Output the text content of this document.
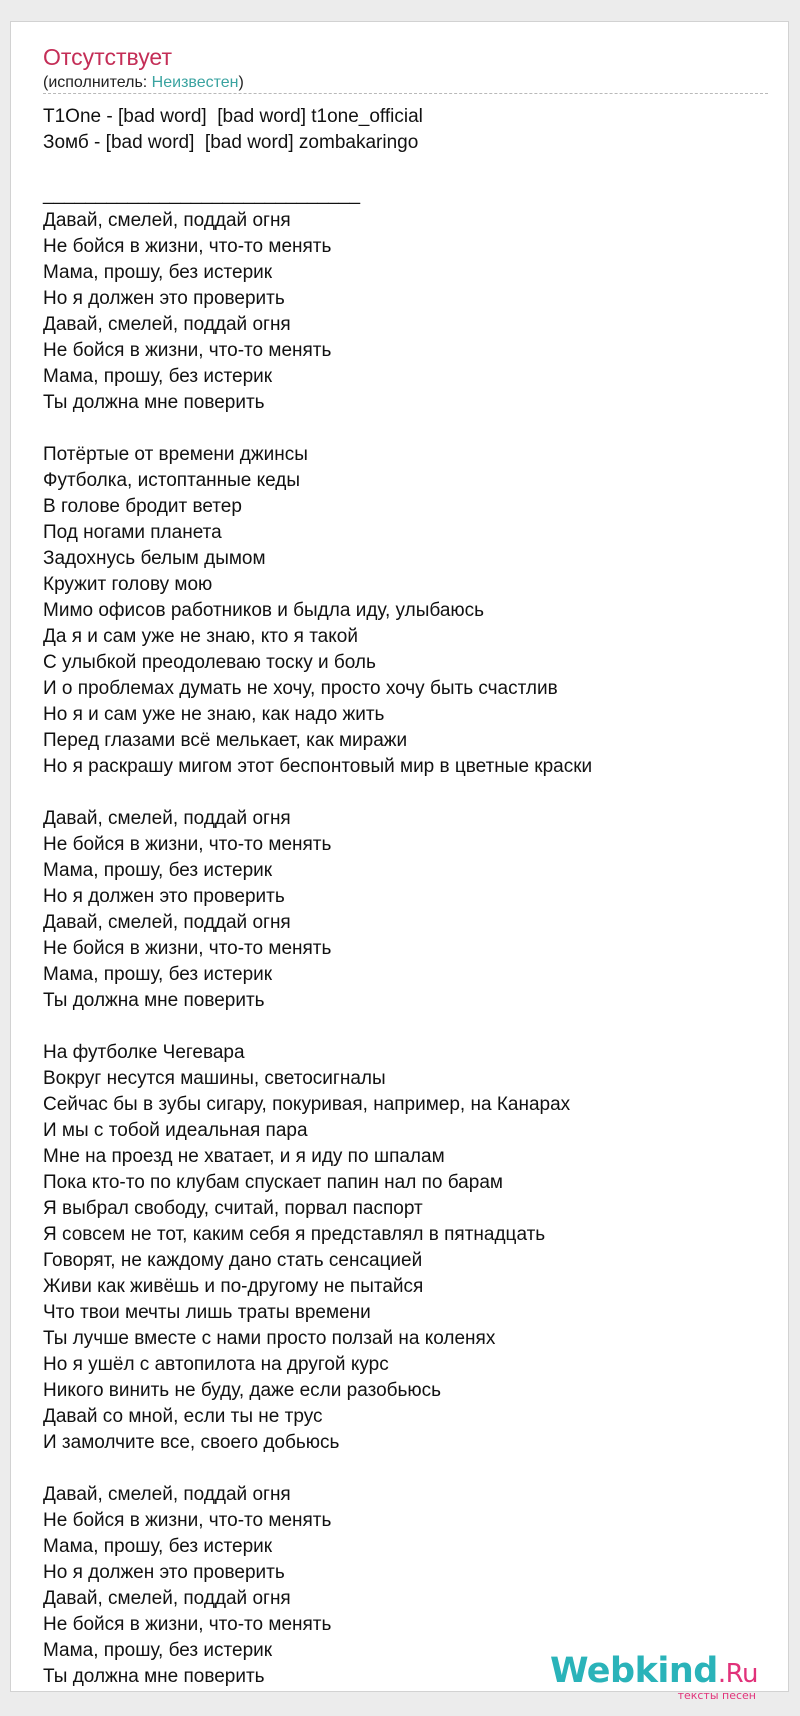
Отсутствует
(исполнитель: Неизвестен)
T1One - [bad word]  [bad word] t1one_official
Зомб - [bad word]  [bad word] zombakaringo
______________________________
Давай, смелей, поддай огня
Не бойся в жизни, что-то менять
Мама, прошу, без истерик
Но я должен это проверить
Давай, смелей, поддай огня
Не бойся в жизни, что-то менять
Мама, прошу, без истерик
Ты должна мне поверить
Потёртые от времени джинсы
Футболка, истоптанные кеды
В голове бродит ветер
Под ногами планета
Задохнусь белым дымом
Кружит голову мою
Мимо офисов работников и быдла иду, улыбаюсь
Да я и сам уже не знаю, кто я такой
С улыбкой преодолеваю тоску и боль
И о проблемах думать не хочу, просто хочу быть счастлив
Но я и сам уже не знаю, как надо жить
Перед глазами всё мелькает, как миражи
Но я раскрашу мигом этот беспонтовый мир в цветные краски
Давай, смелей, поддай огня
Не бойся в жизни, что-то менять
Мама, прошу, без истерик
Но я должен это проверить
Давай, смелей, поддай огня
Не бойся в жизни, что-то менять
Мама, прошу, без истерик
Ты должна мне поверить
На футболке Чегевара
Вокруг несутся машины, светосигналы
Сейчас бы в зубы сигару, покуривая, например, на Канарах
И мы с тобой идеальная пара
Мне на проезд не хватает, и я иду по шпалам
Пока кто-то по клубам спускает папин нал по барам
Я выбрал свободу, считай, порвал паспорт
Я совсем не тот, каким себя я представлял в пятнадцать
Говорят, не каждому дано стать сенсацией
Живи как живёшь и по-другому не пытайся
Что твои мечты лишь траты времени
Ты лучше вместе с нами просто ползай на коленях
Но я ушёл с автопилота на другой курс
Никого винить не буду, даже если разобьюсь
Давай со мной, если ты не трус
И замолчите все, своего добьюсь
Давай, смелей, поддай огня
Не бойся в жизни, что-то менять
Мама, прошу, без истерик
Но я должен это проверить
Давай, смелей, поддай огня
Не бойся в жизни, что-то менять
Мама, прошу, без истерик
Ты должна мне поверить	Webkind.Ru
тексты песен
